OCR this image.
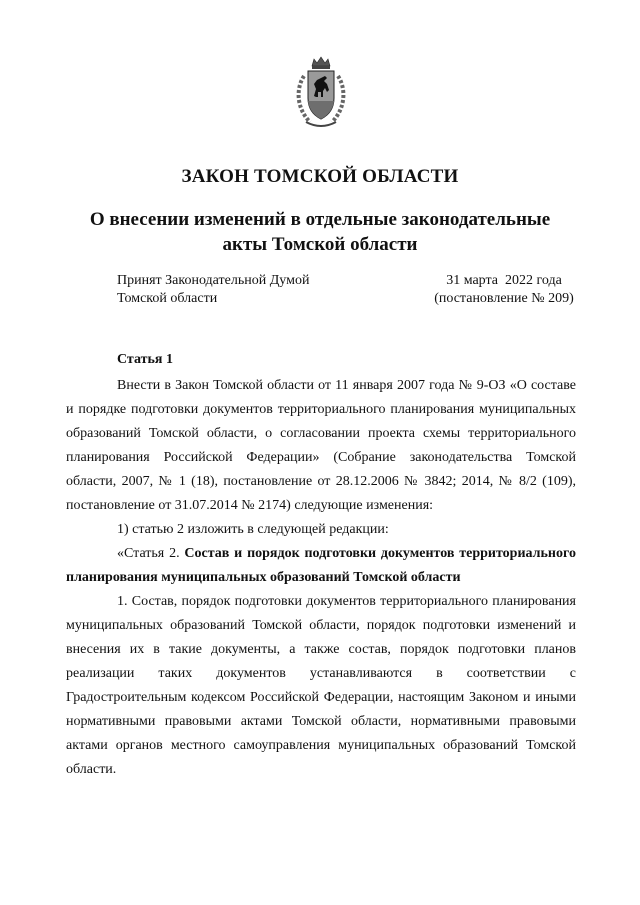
ЗАКОН ТОМСКОЙ ОБЛАСТИ
О внесении изменений в отдельные законодательные
акты Томской области
Принят Законодательной Думой
Томской области
31 марта  2022 года
(постановление № 209)

Статья 1

Внести в Закон Томской области от 11 января 2007 года № 9-ОЗ «О составе и порядке подготовки документов территориального планирования муниципальных образований Томской области, о согласовании проекта схемы территориального планирования Российской Федерации» (Собрание законодательства Томской области, 2007, № 1 (18), постановление от 28.12.2006 № 3842; 2014, № 8/2 (109), постановление от 31.07.2014 № 2174) следующие изменения:

1) статью 2 изложить в следующей редакции:

«Статья 2. Состав и порядок подготовки документов территориального планирования муниципальных образований Томской области

1. Состав, порядок подготовки документов территориального планирования муниципальных образований Томской области, порядок подготовки изменений и внесения их в такие документы, а также состав, порядок подготовки планов реализации таких документов устанавливаются в соответствии с Градостроительным кодексом Российской Федерации, настоящим Законом и иными нормативными правовыми актами Томской области, нормативными правовыми актами органов местного самоуправления муниципальных образований Томской области.
